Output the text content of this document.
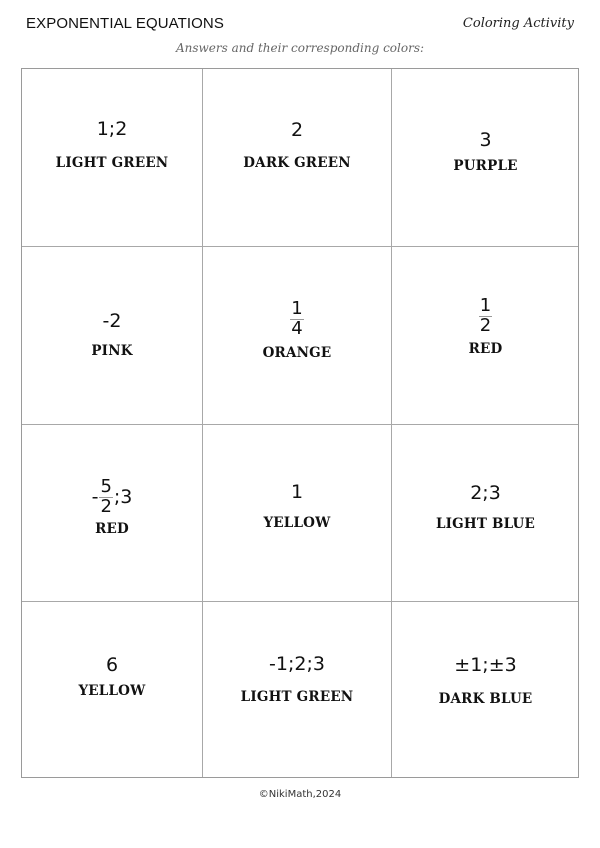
EXPONENTIAL EQUATIONS	Coloring Activity
Answers and their corresponding colors:
1;2
LIGHT GREEN
2
DARK GREEN
3
PURPLE
-2
PINK
$\frac{1}{4}$
ORANGE
$\frac{1}{2}$
RED
- $\frac{5}{2}$ ;3
RED
1
YELLOW
2;3
LIGHT BLUE
6
YELLOW
-1;2;3
LIGHT GREEN
±1;±3
DARK BLUE
©NikiMath,2024
